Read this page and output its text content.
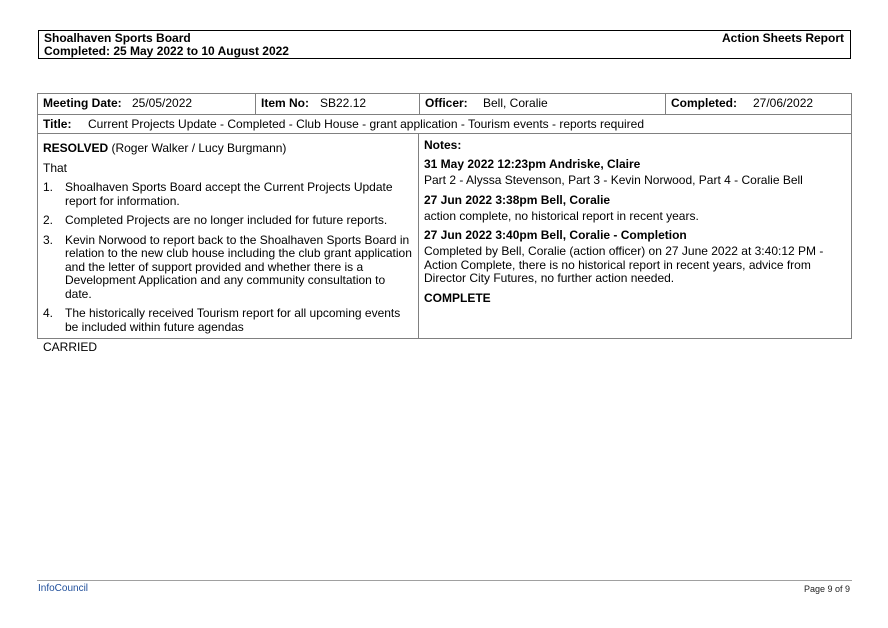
Shoalhaven Sports Board
Completed: 25 May 2022 to 10 August 2022
Action Sheets Report
Meeting Date: 25/05/2022	Item No: SB22.12	Officer: Bell, Coralie	Completed: 27/06/2022
Title: Current Projects Update - Completed - Club House - grant application - Tourism events - reports required
RESOLVED (Roger Walker / Lucy Burgmann)
That
1. Shoalhaven Sports Board accept the Current Projects Update report for information.
2. Completed Projects are no longer included for future reports.
3. Kevin Norwood to report back to the Shoalhaven Sports Board in relation to the new club house including the club grant application and the letter of support provided and whether there is a Development Application and any community consultation to date.
4. The historically received Tourism report for all upcoming events be included within future agendas
CARRIED
Notes:
31 May 2022 12:23pm Andriske, Claire
Part 2 - Alyssa Stevenson, Part 3 - Kevin Norwood, Part 4 - Coralie Bell
27 Jun 2022 3:38pm Bell, Coralie
action complete, no historical report in recent years.
27 Jun 2022 3:40pm Bell, Coralie - Completion
Completed by Bell, Coralie (action officer) on 27 June 2022 at 3:40:12 PM - Action Complete, there is no historical report in recent years, advice from Director City Futures, no further action needed.
COMPLETE
InfoCouncil	Page 9 of 9
